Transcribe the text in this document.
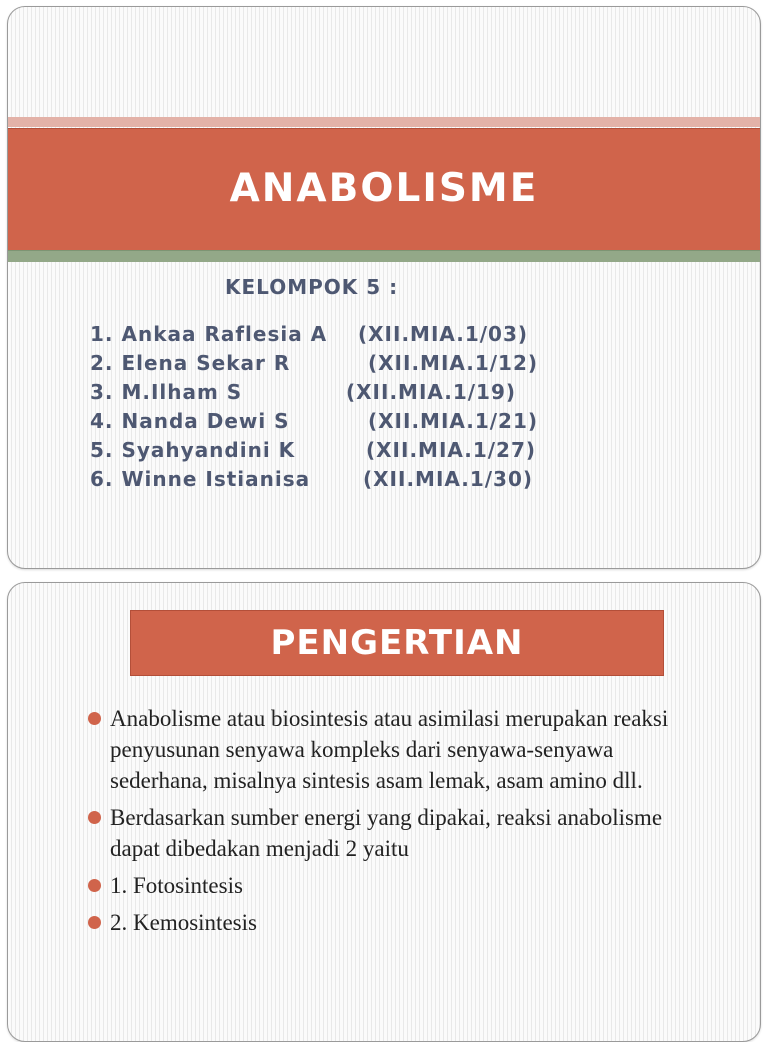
ANABOLISME
KELOMPOK 5 :
1. Ankaa Raflesia A (XII.MIA.1/03)
2. Elena Sekar R	(XII.MIA.1/12)
3. M.Ilham S	(XII.MIA.1/19)
4. Nanda Dewi S	(XII.MIA.1/21)
5. Syahyandini K	(XII.MIA.1/27)
6. Winne Istianisa	(XII.MIA.1/30)
PENGERTIAN
Anabolisme atau biosintesis atau asimilasi merupakan reaksi penyusunan senyawa kompleks dari senyawa-senyawa sederhana, misalnya sintesis asam lemak, asam amino dll.
Berdasarkan sumber energi yang dipakai, reaksi anabolisme dapat dibedakan menjadi 2 yaitu
1. Fotosintesis
2. Kemosintesis
